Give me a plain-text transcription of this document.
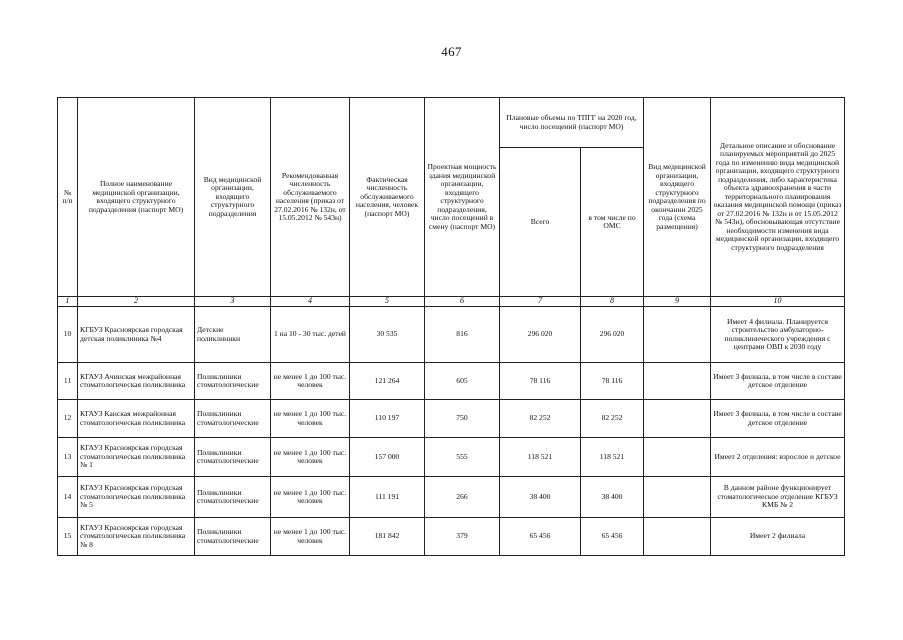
467
№ п/п	Полное наименование медицинской организации, входящего структурного подразделения (паспорт МО)	Вид медицинской организации, входящего структурного подразделения	Рекомендованная численность обслуживаемого населения (приказ от 27.02.2016 № 132н, от 15.05.2012 № 543н)	Фактическая численность обслуживаемого населения, человек (паспорт МО)	Проектная мощность здания медицинской организации, входящего структурного подразделения, число посещений в смену (паспорт МО)	Плановые объемы по ТПГГ на 2020 год, число посещений (паспорт МО)		Вид медицинской организации, входящего структурного подразделения по окончании 2025 года (схема размещения)	Детальное описание и обоснование планируемых мероприятий до 2025 года по изменению вида медицинской организации, входящего структурного подразделения, либо характеристика объекта здравоохранения в части территориального планирования оказания медицинской помощи (приказ от 27.02.2016 № 132н и от 15.05.2012 № 543н), обосновывающая отсутствие необходимости изменения вида медицинской организации, входящего структурного подразделения
						Всего	в том числе по ОМС		
1	2	3	4	5	6	7	8	9	10
10	КГБУЗ Красноярская городская детская поликлиника №4	Детские поликлиники	1 на 10 - 30 тыс. детей	30 535	816	296 020	296 020		Имеет 4 филиала. Планируется строительство амбулаторно-поликлинического учреждения с центрами ОВП к 2030 году
11	КГАУЗ Ачинская межрайонная стоматологическая поликлиника	Поликлиники стоматологические	не менее 1 до 100 тыс. человек	121 264	605	78 116	78 116		Имеет 3 филиала, в том числе в составе детское отделение
12	КГАУЗ Канская межрайонная стоматологическая поликлиника	Поликлиники стоматологические	не менее 1 до 100 тыс. человек	110 197	750	82 252	82 252		Имеет 3 филиала, в том числе в составе детское отделение
13	КГАУЗ Красноярская городская стоматологическая поликлиника № 1	Поликлиники стоматологические	не менее 1 до 100 тыс. человек	157 000	555	118 521	118 521		Имеет 2 отделения: взрослое и детское
14	КГАУЗ Красноярская городская стоматологическая поликлиника № 5	Поликлиники стоматологические	не менее 1 до 100 тыс. человек	111 191	266	38 400	38 400		В данном районе функционирует стоматологическое отделение КГБУЗ КМБ № 2
15	КГАУЗ Красноярская городская стоматологическая поликлиника № 8	Поликлиники стоматологические	не менее 1 до 100 тыс. человек	181 842	379	65 456	65 456		Имеет 2 филиала
